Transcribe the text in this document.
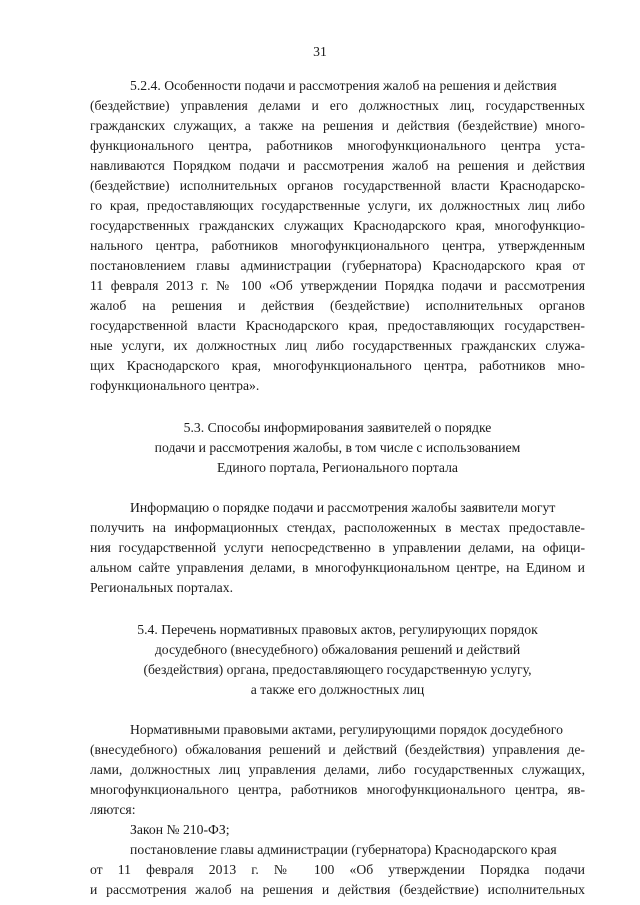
31
5.2.4. Особенности подачи и рассмотрения жалоб на решения и действия
(бездействие) управления делами и его должностных лиц, государственных
гражданских служащих, а также на решения и действия (бездействие) много-
функционального центра, работников многофункционального центра уста-
навливаются Порядком подачи и рассмотрения жалоб на решения и действия
(бездействие) исполнительных органов государственной власти Краснодарско-
го края, предоставляющих государственные услуги, их должностных лиц либо
государственных гражданских служащих Краснодарского края, многофункцио-
нального центра, работников многофункционального центра, утвержденным
постановлением главы администрации (губернатора) Краснодарского края от
11 февраля 2013 г. № 100 «Об утверждении Порядка подачи и рассмотрения
жалоб на решения и действия (бездействие) исполнительных органов
государственной власти Краснодарского края, предоставляющих государствен-
ные услуги, их должностных лиц либо государственных гражданских служа-
щих Краснодарского края, многофункционального центра, работников мно-
гофункционального центра».
5.3. Способы информирования заявителей о порядке
подачи и рассмотрения жалобы, в том числе с использованием
Единого портала, Регионального портала
Информацию о порядке подачи и рассмотрения жалобы заявители могут
получить на информационных стендах, расположенных в местах предоставле-
ния государственной услуги непосредственно в управлении делами, на офици-
альном сайте управления делами, в многофункциональном центре, на Едином и
Региональных порталах.
5.4. Перечень нормативных правовых актов, регулирующих порядок
досудебного (внесудебного) обжалования решений и действий
(бездействия) органа, предоставляющего государственную услугу,
а также его должностных лиц
Нормативными правовыми актами, регулирующими порядок досудебного
(внесудебного) обжалования решений и действий (бездействия) управления де-
лами, должностных лиц управления делами, либо государственных служащих,
многофункционального центра, работников многофункционального центра, яв-
ляются:
Закон № 210-ФЗ;
постановление главы администрации (губернатора) Краснодарского края
от 11 февраля 2013 г. № 100 «Об утверждении Порядка подачи
и рассмотрения жалоб на решения и действия (бездействие) исполнительных
